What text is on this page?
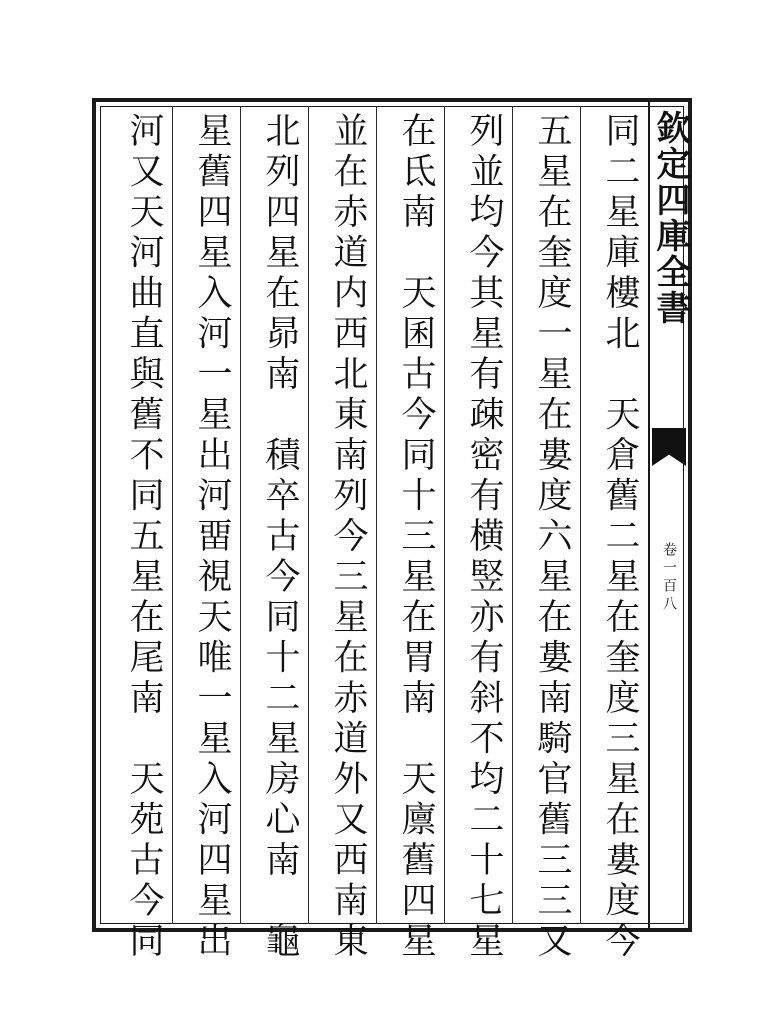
欽定四庫全書
卷一百八
同二星庫樓北　天倉舊二星在奎度三星在婁度今
五星在奎度一星在婁度六星在婁南騎官舊三三又
列並均今其星有疎密有横竪亦有斜不均二十七星
在氐南　天囷古今同十三星在胃南　天廪舊四星
並在赤道内西北東南列今三星在赤道外又西南東
北列四星在昴南　積卒古今同十二星房心南　龜
星舊四星入河一星出河畱視天唯一星入河四星出
河又天河曲直與舊不同五星在尾南　天苑古今同
